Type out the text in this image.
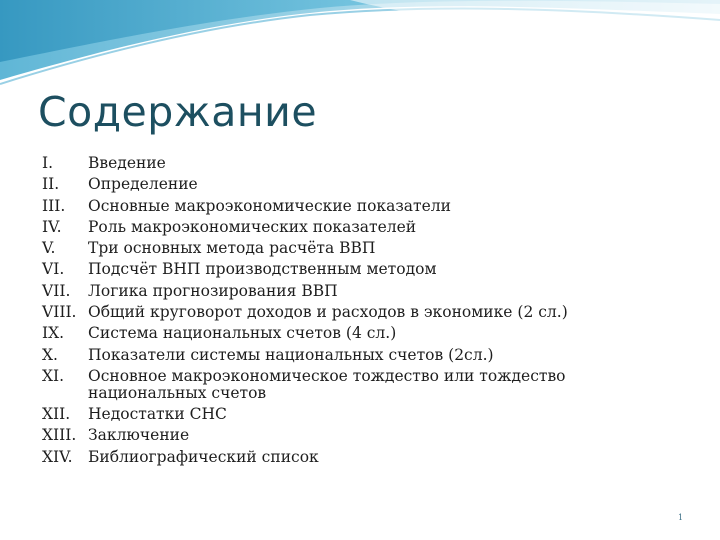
Содержание
I.	Введение
II.	Определение
III.	Основные макроэкономические показатели
IV.	Роль макроэкономических показателей
V.	Три основных метода расчёта ВВП
VI.	Подсчёт ВНП производственным методом
VII.	Логика прогнозирования ВВП
VIII. Общий круговорот доходов и расходов в экономике (2 сл.)
IX.	Система национальных счетов (4 сл.)
X.	Показатели системы национальных счетов (2сл.)
XI.	Основное макроэкономическое тождество или тождество национальных счетов
XII.	Недостатки СНС
XIII. Заключение
XIV. Библиографический список
1
